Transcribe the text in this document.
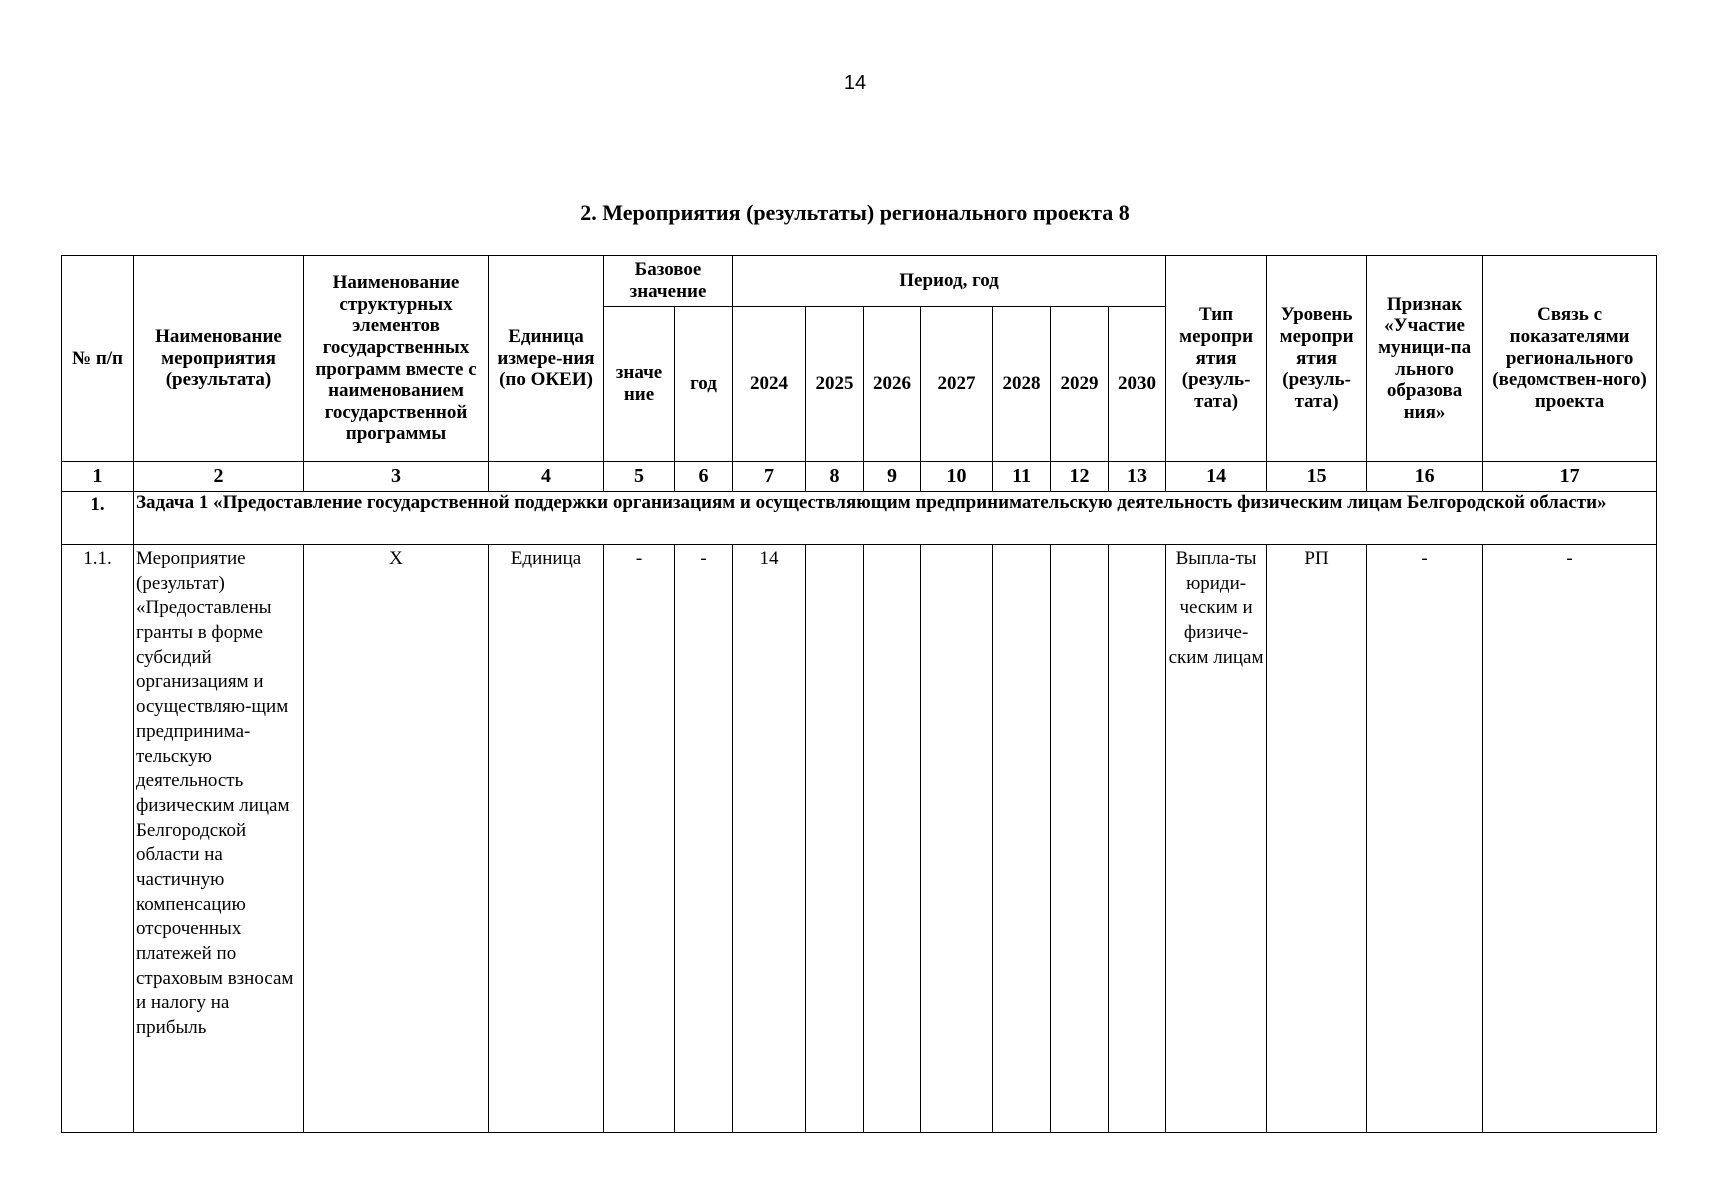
14
2. Мероприятия (результаты) регионального проекта 8
№ п/п	Наименование мероприятия (результата)	Наименование структурных элементов государственных программ вместе с наименованием государственной программы	Единица измере-ния (по ОКЕИ)	Базовое значение		Период, год							Тип меропри ятия (резуль-тата)	Уровень меропри ятия (резуль-тата)	Признак «Участие муници-па льного образова ния»	Связь с показателями регионального (ведомствен-ного) проекта
				значе ние	год	2024	2025	2026	2027	2028	2029	2030				
1	2	3	4	5	6	7	8	9	10	11	12	13	14	15	16	17
1.	Задача 1 «Предоставление государственной поддержки организациям и осуществляющим предпринимательскую деятельность физическим лицам Белгородской области»															
1.1.	Мероприятие (результат) «Предоставлены гранты в форме субсидий организациям и осуществляю-щим предпринима-тельскую деятельность физическим лицам Белгородской области на частичную компенсацию отсроченных платежей по страховым взносам и налогу на прибыль	X	Единица	-	-	14							Выпла-ты юриди-ческим и физиче-ским лицам	РП	-	-
